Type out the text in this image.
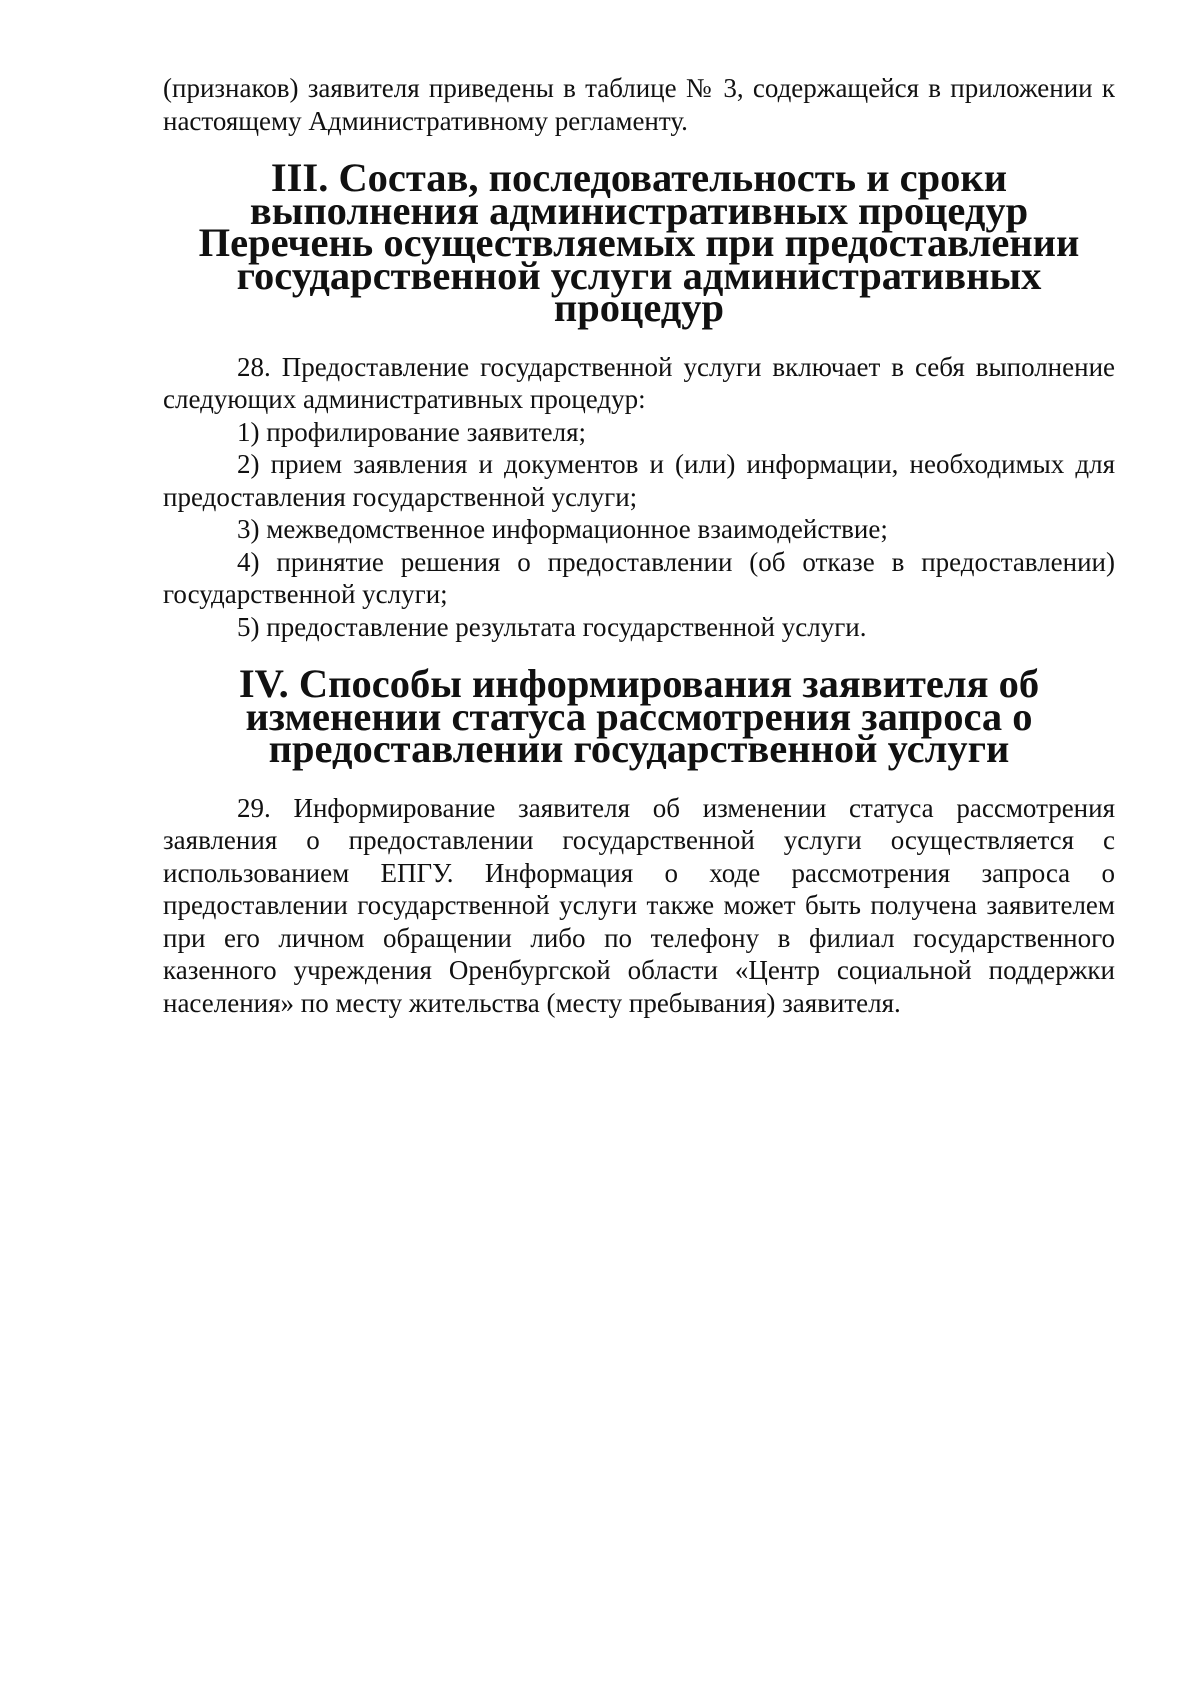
(признаков) заявителя приведены в таблице № 3, содержащейся в приложении к настоящему Административному регламенту.

III. Состав, последовательность и сроки выполнения административных процедур
Перечень осуществляемых при предоставлении государственной услуги административных процедур

28. Предоставление государственной услуги включает в себя выполнение следующих административных процедур:

1) профилирование заявителя;

2) прием заявления и документов и (или) информации, необходимых для предоставления государственной услуги;

3) межведомственное информационное взаимодействие;

4) принятие решения о предоставлении (об отказе в предоставлении) государственной услуги;

5) предоставление результата государственной услуги.

IV. Способы информирования заявителя об изменении статуса рассмотрения запроса о предоставлении государственной услуги

29. Информирование заявителя об изменении статуса рассмотрения заявления о предоставлении государственной услуги осуществляется с использованием ЕПГУ. Информация о ходе рассмотрения запроса о предоставлении государственной услуги также может быть получена заявителем при его личном обращении либо по телефону в филиал государственного казенного учреждения Оренбургской области «Центр социальной поддержки населения» по месту жительства (месту пребывания) заявителя.
